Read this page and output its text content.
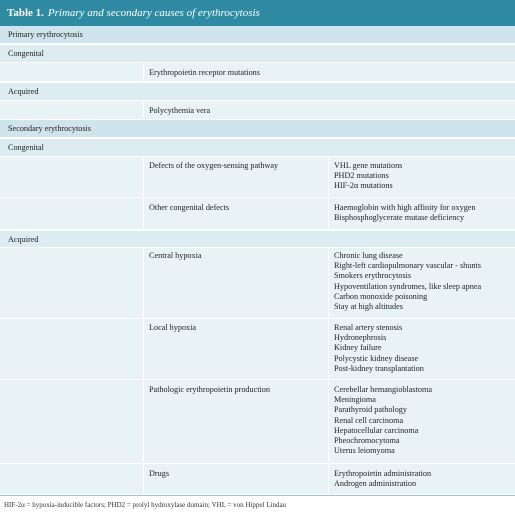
Table 1. Primary and secondary causes of erythrocytosis
Primary erythrocytosis
Congenital
Erythropoietin receptor mutations
Acquired
Polycythemia vera
Secondary erythrocytosis
Congenital
Defects of the oxygen-sensing pathway	VHL gene mutations
PHD2 mutations
HIF-2α mutations
Other congenital defects	Haemoglobin with high affinity for oxygen
Bisphosphoglycerate mutase deficiency
Acquired
Central hypoxia	Chronic lung disease
Right-left cardiopulmonary vascular - shunts
Smokers erythrocytosis
Hypoventilation syndromes, like sleep apnea
Carbon monoxide poisoning
Stay at high altitudes
Local hypoxia	Renal artery stenosis
Hydronephrosis
Kidney failure
Polycystic kidney disease
Post-kidney transplantation
Pathologic erythropoietin production	Cerebellar hemangioblastoma
Meningioma
Parathyroid pathology
Renal cell carcinoma
Hepatocellular carcinoma
Pheochromocytoma
Uterus leiomyoma
Drugs	Erythropoietin administration
Androgen administration
HIF-2α = hypoxia-inducible factors; PHD2 = prolyl hydroxylase domain; VHL = von Hippel Lindau
